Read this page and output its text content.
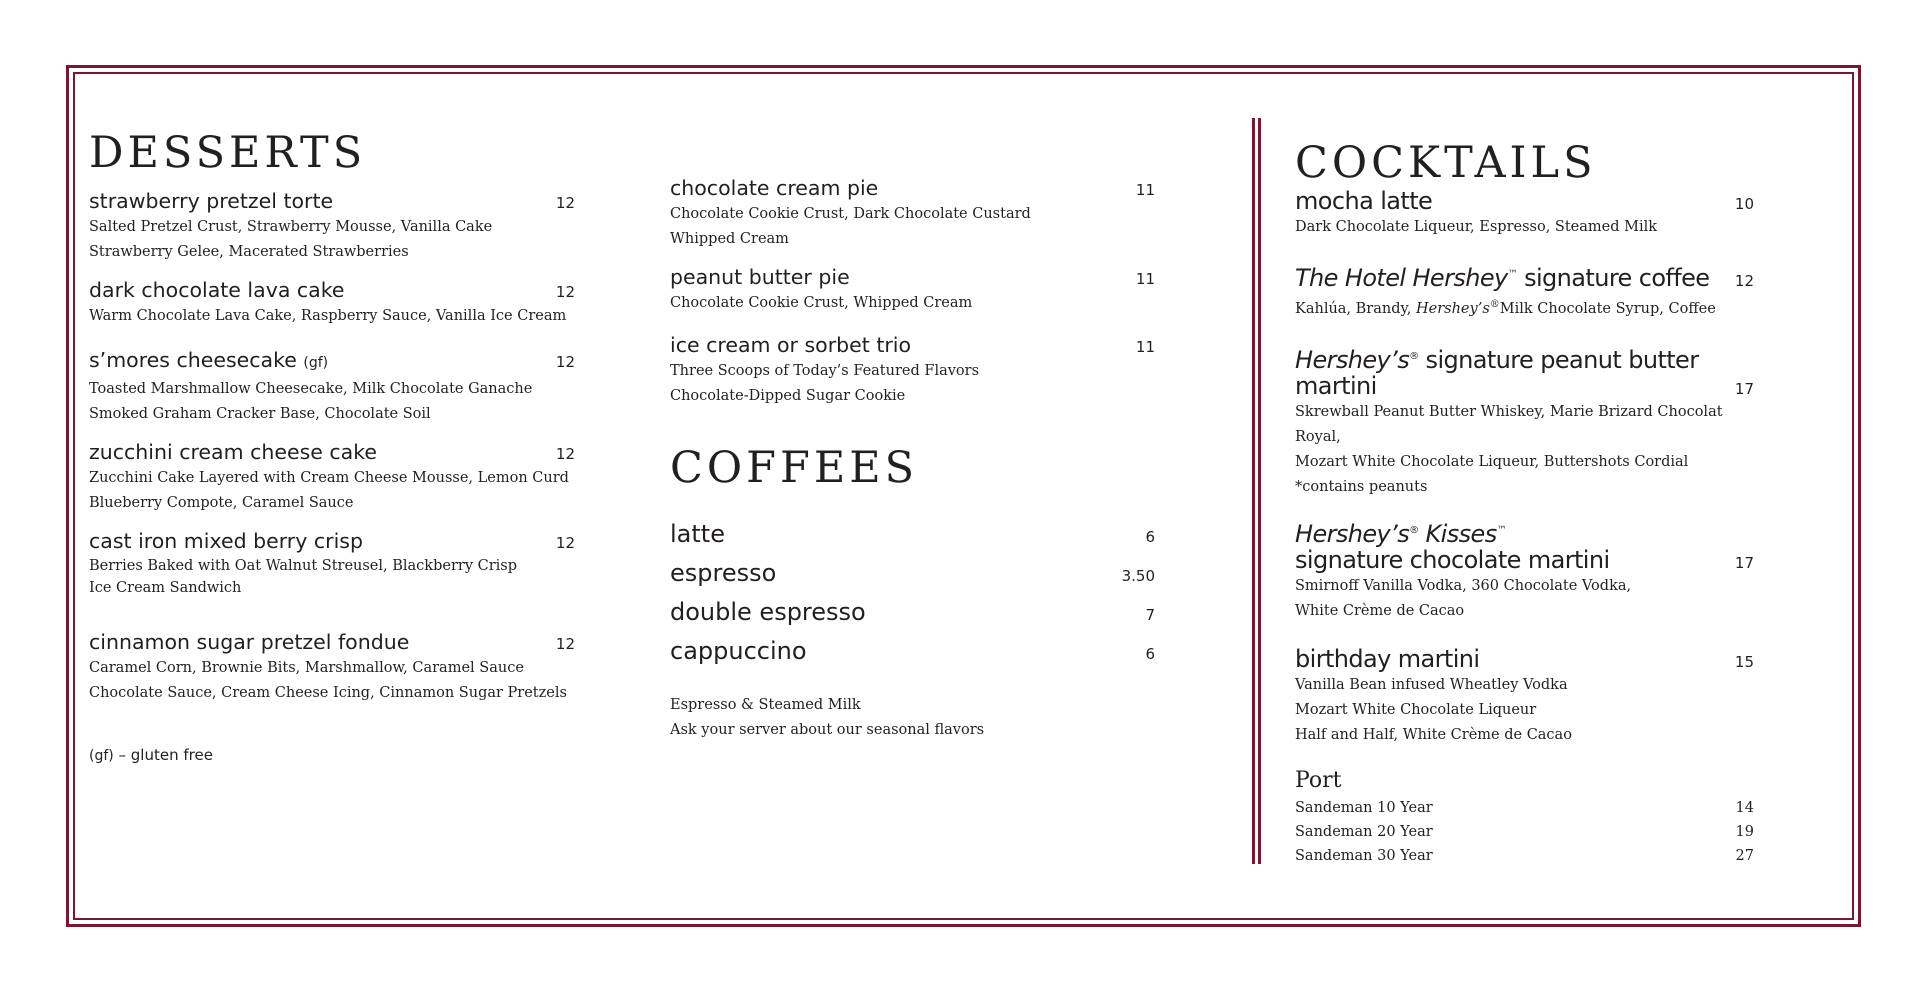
DESSERTS
strawberry pretzel torte	12

Salted Pretzel Crust, Strawberry Mousse, Vanilla Cake

Strawberry Gelee, Macerated Strawberries

dark chocolate lava cake	12

Warm Chocolate Lava Cake, Raspberry Sauce, Vanilla Ice Cream

s’mores cheesecake (gf)	12

Toasted Marshmallow Cheesecake, Milk Chocolate Ganache

Smoked Graham Cracker Base, Chocolate Soil

zucchini cream cheese cake	12

Zucchini Cake Layered with Cream Cheese Mousse, Lemon Curd

Blueberry Compote, Caramel Sauce

cast iron mixed berry crisp	12

Berries Baked with Oat Walnut Streusel, Blackberry Crisp

Ice Cream Sandwich

cinnamon sugar pretzel fondue	12

Caramel Corn, Brownie Bits, Marshmallow, Caramel Sauce

Chocolate Sauce, Cream Cheese Icing, Cinnamon Sugar Pretzels

(gf) – gluten free
chocolate cream pie	11

Chocolate Cookie Crust, Dark Chocolate Custard

Whipped Cream

peanut butter pie	11

Chocolate Cookie Crust, Whipped Cream

ice cream or sorbet trio	11

Three Scoops of Today’s Featured Flavors

Chocolate-Dipped Sugar Cookie

COFFEES
latte	6
espresso	3.50
double espresso	7
cappuccino	6
Espresso & Steamed Milk
Ask your server about our seasonal flavors
COCKTAILS
mocha latte	10

Dark Chocolate Liqueur, Espresso, Steamed Milk

The Hotel Hershey™ signature coffee	12

Kahlúa, Brandy, Hershey’s®Milk Chocolate Syrup, Coffee

Hershey’s® signature peanut butter
martini	17

Skrewball Peanut Butter Whiskey, Marie Brizard Chocolat Royal,

Mozart White Chocolate Liqueur, Buttershots Cordial

*contains peanuts

Hershey’s® Kisses™
signature chocolate martini	17

Smirnoff Vanilla Vodka, 360 Chocolate Vodka,

White Crème de Cacao

birthday martini	15

Vanilla Bean infused Wheatley Vodka

Mozart White Chocolate Liqueur

Half and Half, White Crème de Cacao

Port
Sandeman 10 Year	14
Sandeman 20 Year	19
Sandeman 30 Year	27
